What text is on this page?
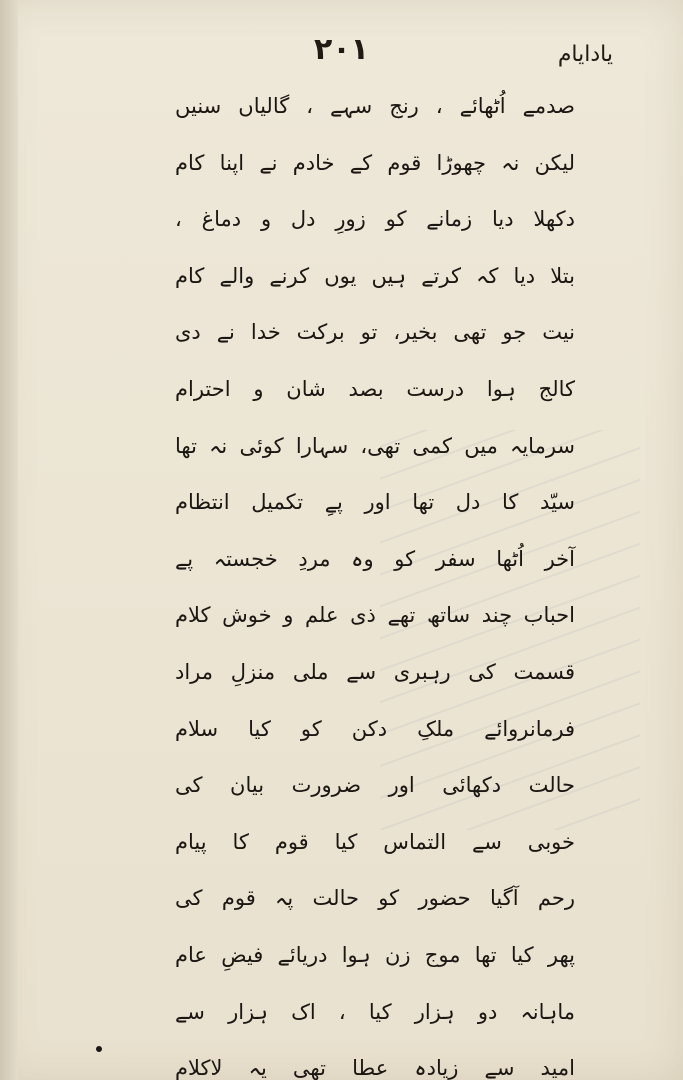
یادایام
۲۰۱
صدمے اُٹھائے ، رنج سہے ، گالیاں سنیں
لیکن نہ چھوڑا قوم کے خادم نے اپنا کام
دکھلا دیا زمانے کو زورِ دل و دماغ ،
بتلا دیا کہ کرتے ہیں یوں کرنے والے کام
نیت جو تھی بخیر، تو برکت خدا نے دی
کالج ہوا درست بصد شان و احترام
سرمایہ میں کمی تھی، سہارا کوئی نہ تھا
سیّد کا دل تھا اور پےِ تکمیل انتظام
آخر اُٹھا سفر کو وہ مردِ خجستہ پے
احباب چند ساتھ تھے ذی علم و خوش کلام
قسمت کی رہبری سے ملی منزلِ مراد
فرمانروائے ملکِ دکن کو کیا سلام
حالت دکھائی اور ضرورت بیان کی
خوبی سے التماس کیا قوم کا پیام
رحم آگیا حضور کو حالت پہ قوم کی
پھر کیا تھا موج زن ہوا دریائے فیضِ عام
ماہانہ دو ہزار کیا ، اک ہزار سے
امید سے زیادہ عطا تھی یہ لاکلام
